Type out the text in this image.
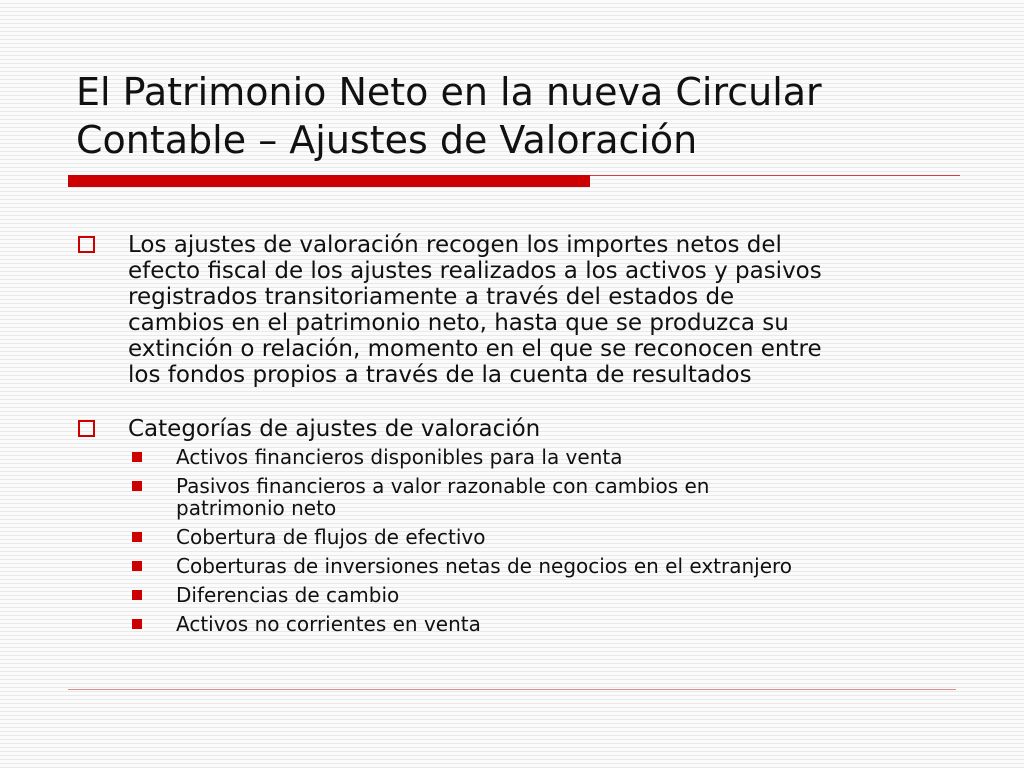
El Patrimonio Neto en la nueva Circular
Contable – Ajustes de Valoración
Los ajustes de valoración recogen los importes netos del
efecto fiscal de los ajustes realizados a los activos y pasivos
registrados transitoriamente a través del estados de
cambios en el patrimonio neto, hasta que se produzca su
extinción o relación, momento en el que se reconocen entre
los fondos propios a través de la cuenta de resultados
Categorías de ajustes de valoración
Activos financieros disponibles para la venta
Pasivos financieros a valor razonable con cambios en
patrimonio neto
Cobertura de flujos de efectivo
Coberturas de inversiones netas de negocios en el extranjero
Diferencias de cambio
Activos no corrientes en venta
